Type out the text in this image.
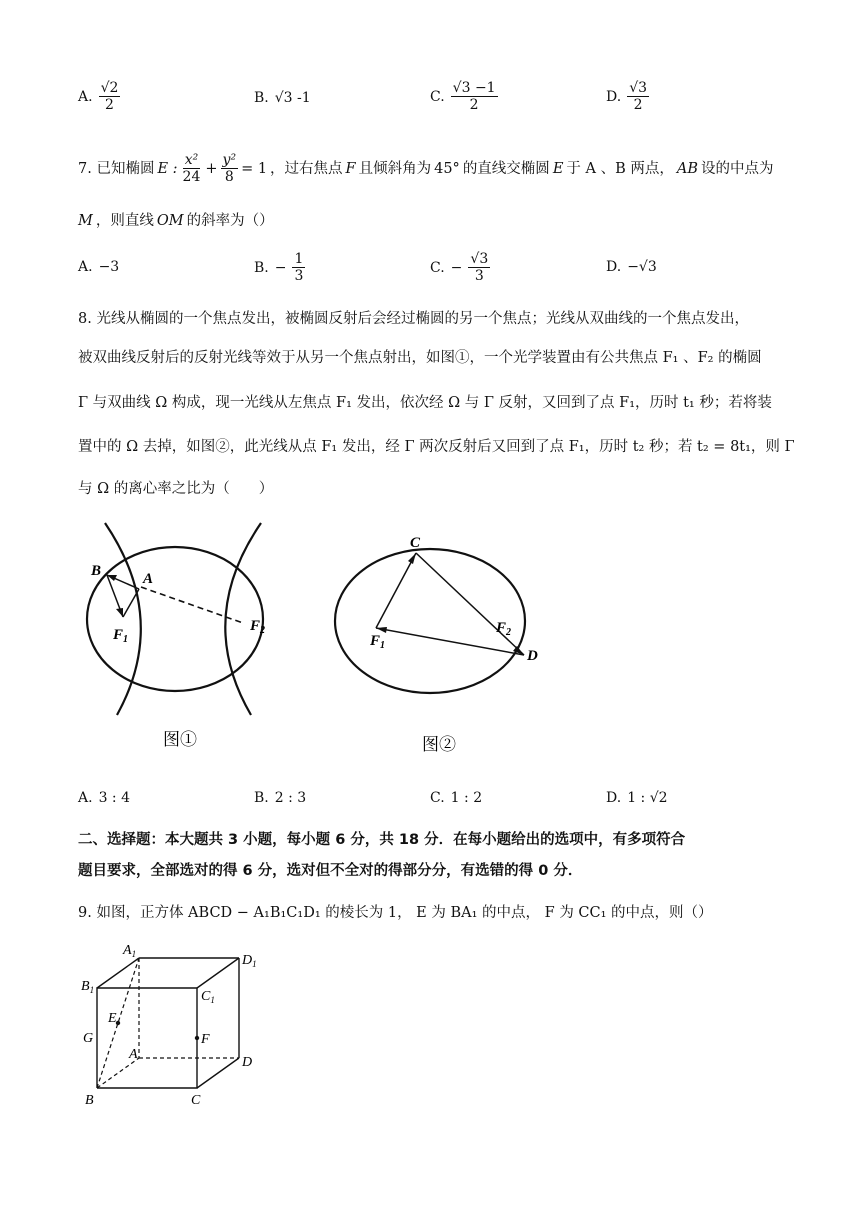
A. $\frac{√2}{2}$	B. √3 -1	C. $\frac{√3 -1}{2}$	D. $\frac{√3}{2}$
7. 已知椭圆 E : $\frac{\text{x²}}{24} + \frac{\text{y²}}{8} = 1$ ，过右焦点 F 且倾斜角为 45° 的直线交椭圆 E 于 A 、B 两点， AB 设的中点为
M ，则直线 OM 的斜率为（）
A. −3	B. − $\frac{1}{3}$	C. − $\frac{√3}{3}$	D. −√3
8. 光线从椭圆的一个焦点发出，被椭圆反射后会经过椭圆的另一个焦点；光线从双曲线的一个焦点发出，
被双曲线反射后的反射光线等效于从另一个焦点射出，如图①，一个光学装置由有公共焦点 F₁ 、F₂ 的椭圆
Γ 与双曲线 Ω 构成，现一光线从左焦点 F₁ 发出，依次经 Ω 与 Γ 反射，又回到了点 F₁，历时 t₁ 秒；若将装
置中的 Ω 去掉，如图②，此光线从点 F₁ 发出，经 Γ 两次反射后又回到了点 F₁，历时 t₂ 秒；若 t₂ = 8t₁，则 Γ
与 Ω 的离心率之比为（　　）
B	A
$F_1$
$F_2$
图①
C
D
$F_1$
$F_2$
图②
A. 3 : 4	B. 2 : 3	C. 1 : 2	D. 1 : √2
二、选择题：本大题共 3 小题，每小题 6 分，共 18 分．在每小题给出的选项中，有多项符合
题目要求，全部选对的得 6 分，选对但不全对的得部分分，有选错的得 0 分．
9. 如图，正方体 ABCD − A₁B₁C₁D₁ 的棱长为 1， E 为 BA₁ 的中点， F 为 CC₁ 的中点，则（）
$A_1$	$D_1$
$B_1$	$C_1$
E
G	F
A
D
B	C
